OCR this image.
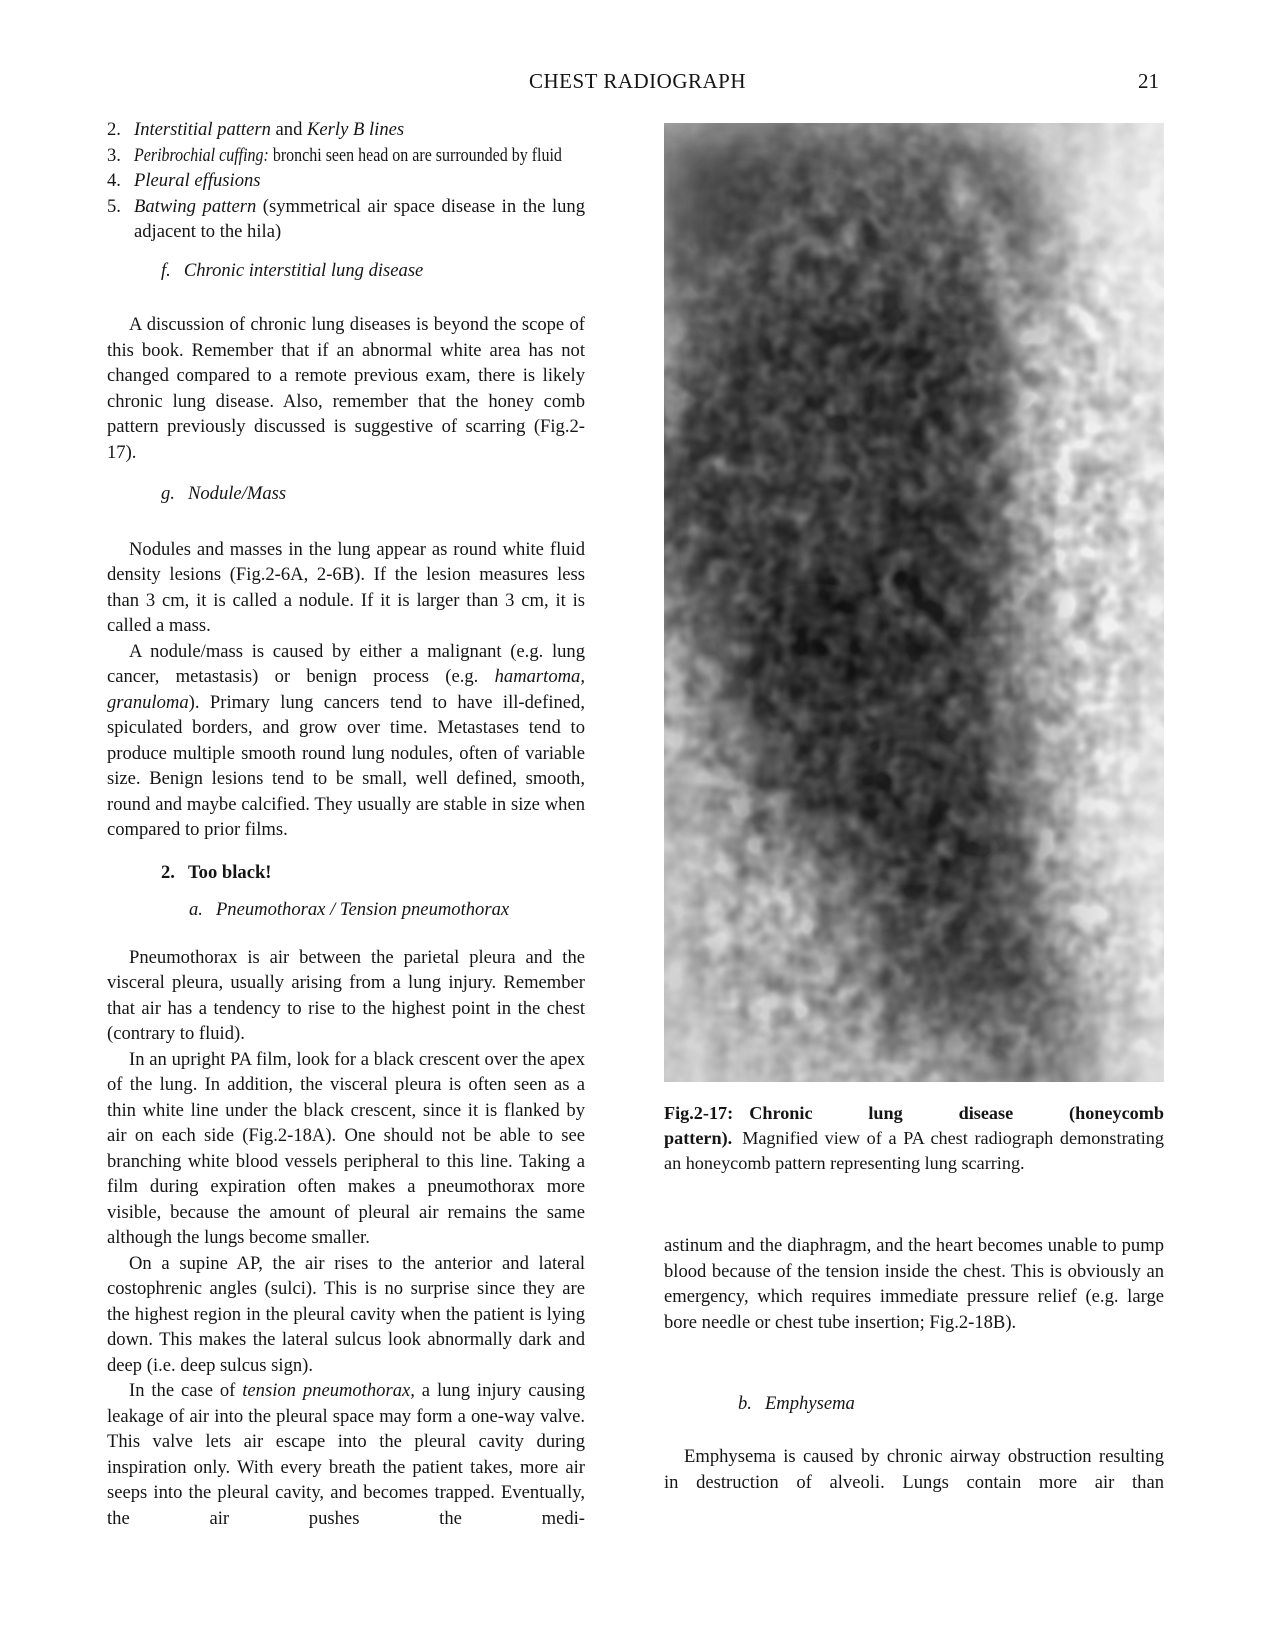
CHEST RADIOGRAPH	21
2. Interstitial pattern and Kerly B lines
3. Peribrochial cuffing: bronchi seen head on are surrounded by fluid
4. Pleural effusions
5. Batwing pattern (symmetrical air space disease in the lung adjacent to the hila)
f. Chronic interstitial lung disease

A discussion of chronic lung diseases is beyond the scope of this book. Remember that if an abnormal white area has not changed compared to a remote previous exam, there is likely chronic lung disease. Also, remember that the honey comb pattern previously discussed is suggestive of scarring (Fig.2-17).

g. Nodule/Mass

Nodules and masses in the lung appear as round white fluid density lesions (Fig.2-6A, 2-6B). If the lesion measures less than 3 cm, it is called a nodule. If it is larger than 3 cm, it is called a mass.

A nodule/mass is caused by either a malignant (e.g. lung cancer, metastasis) or benign process (e.g. hamartoma, granuloma). Primary lung cancers tend to have ill-defined, spiculated borders, and grow over time. Metastases tend to produce multiple smooth round lung nodules, often of variable size. Benign lesions tend to be small, well defined, smooth, round and maybe calcified. They usually are stable in size when compared to prior films.

2. Too black!
a. Pneumothorax / Tension pneumothorax

Pneumothorax is air between the parietal pleura and the visceral pleura, usually arising from a lung injury. Remember that air has a tendency to rise to the highest point in the chest (contrary to fluid).

In an upright PA film, look for a black crescent over the apex of the lung. In addition, the visceral pleura is often seen as a thin white line under the black crescent, since it is flanked by air on each side (Fig.2-18A). One should not be able to see branching white blood vessels peripheral to this line. Taking a film during expiration often makes a pneumothorax more visible, because the amount of pleural air remains the same although the lungs become smaller.

On a supine AP, the air rises to the anterior and lateral costophrenic angles (sulci). This is no surprise since they are the highest region in the pleural cavity when the patient is lying down. This makes the lateral sulcus look abnormally dark and deep (i.e. deep sulcus sign).

In the case of tension pneumothorax, a lung injury causing leakage of air into the pleural space may form a one-way valve. This valve lets air escape into the pleural cavity during inspiration only. With every breath the patient takes, more air seeps into the pleural cavity, and becomes trapped. Eventually, the air pushes the medi-

Fig.2-17: Chronic lung disease (honeycomb pattern). Magnified view of a PA chest radiograph demonstrating an honeycomb pattern representing lung scarring.

astinum and the diaphragm, and the heart becomes unable to pump blood because of the tension inside the chest. This is obviously an emergency, which requires immediate pressure relief (e.g. large bore needle or chest tube insertion; Fig.2-18B).

b. Emphysema

Emphysema is caused by chronic airway obstruction resulting in destruction of alveoli. Lungs contain more air than
